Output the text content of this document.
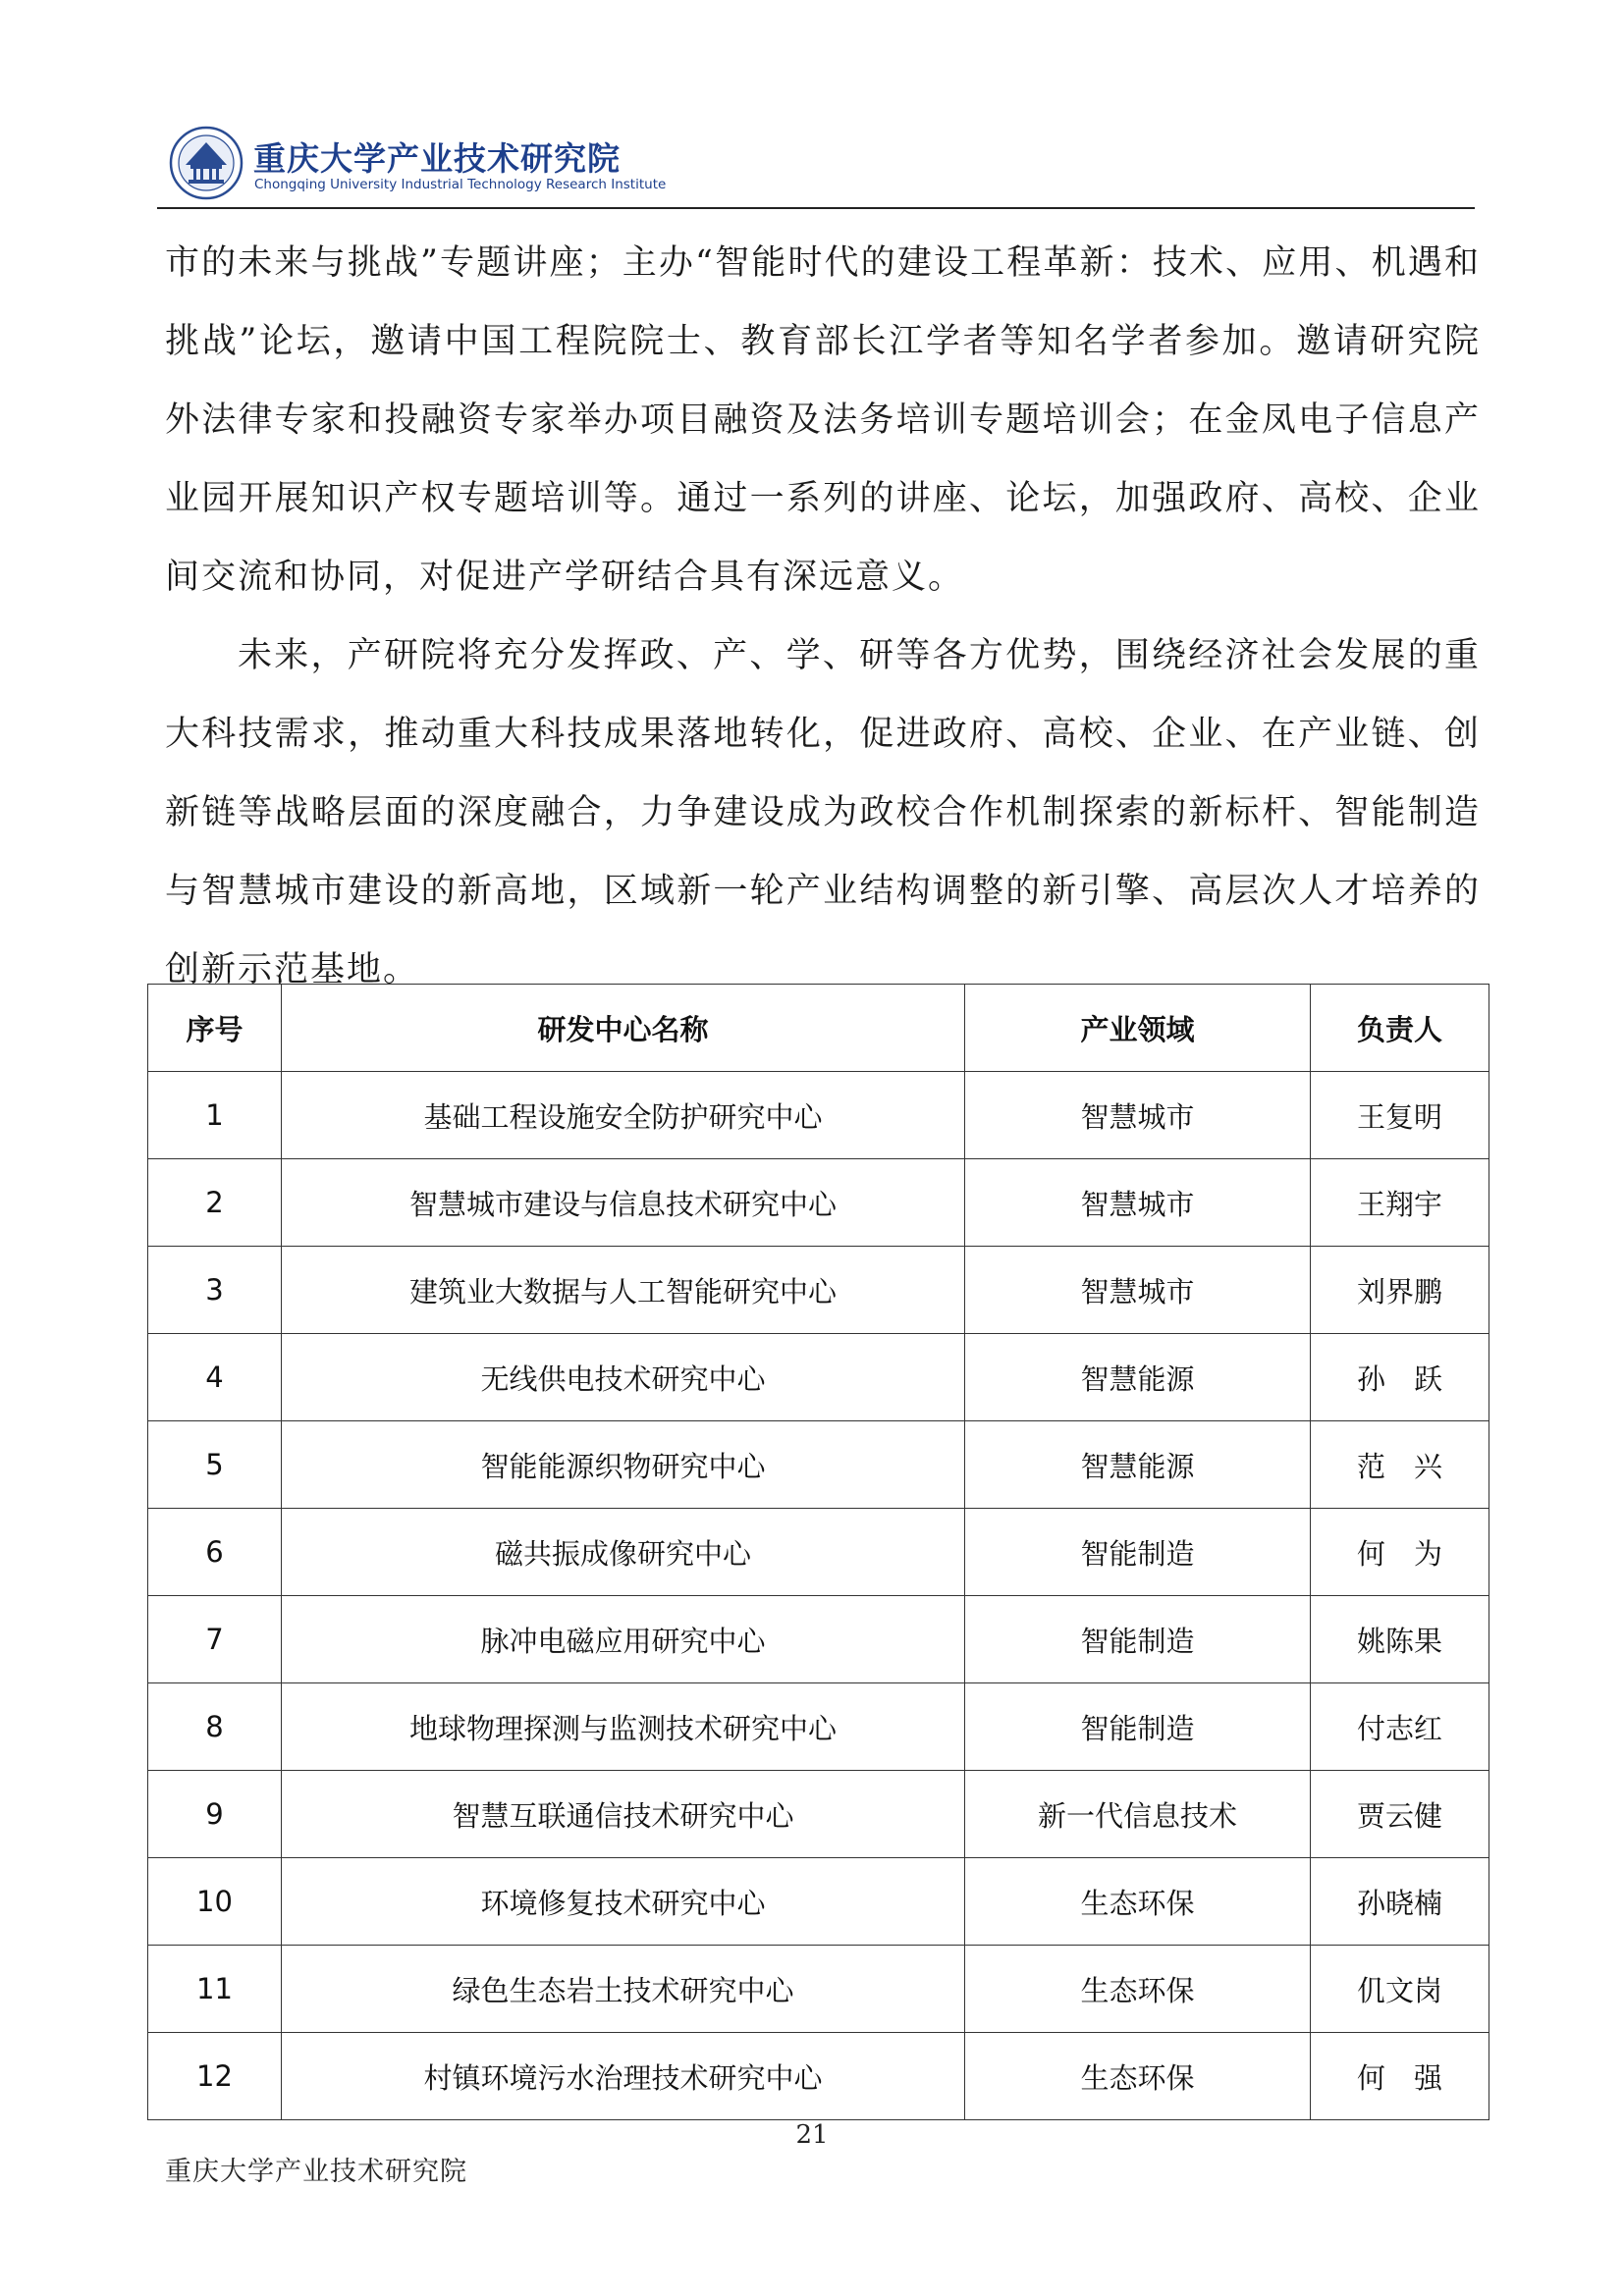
重庆大学产业技术研究院
Chongqing University Industrial Technology Research Institute

市的未来与挑战”专题讲座；主办“智能时代的建设工程革新：技术、应用、机遇和挑战”论坛，邀请中国工程院院士、教育部长江学者等知名学者参加。邀请研究院外法律专家和投融资专家举办项目融资及法务培训专题培训会；在金凤电子信息产业园开展知识产权专题培训等。通过一系列的讲座、论坛，加强政府、高校、企业间交流和协同，对促进产学研结合具有深远意义。

未来，产研院将充分发挥政、产、学、研等各方优势，围绕经济社会发展的重大科技需求，推动重大科技成果落地转化，促进政府、高校、企业、在产业链、创新链等战略层面的深度融合，力争建设成为政校合作机制探索的新标杆、智能制造与智慧城市建设的新高地，区域新一轮产业结构调整的新引擎、高层次人才培养的创新示范基地。

序号	研发中心名称	产业领域	负责人
1	基础工程设施安全防护研究中心	智慧城市	王复明
2	智慧城市建设与信息技术研究中心	智慧城市	王翔宇
3	建筑业大数据与人工智能研究中心	智慧城市	刘界鹏
4	无线供电技术研究中心	智慧能源	孙　跃
5	智能能源织物研究中心	智慧能源	范　兴
6	磁共振成像研究中心	智能制造	何　为
7	脉冲电磁应用研究中心	智能制造	姚陈果
8	地球物理探测与监测技术研究中心	智能制造	付志红
9	智慧互联通信技术研究中心	新一代信息技术	贾云健
10	环境修复技术研究中心	生态环保	孙晓楠
11	绿色生态岩土技术研究中心	生态环保	仉文岗
12	村镇环境污水治理技术研究中心	生态环保	何　强
21
重庆大学产业技术研究院
